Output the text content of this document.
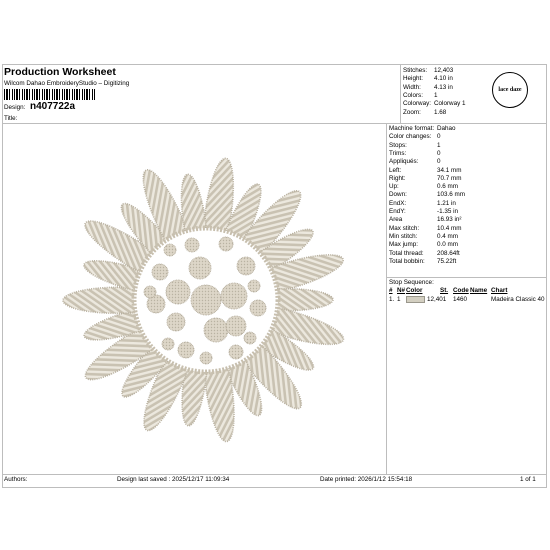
Production Worksheet
Wilcom Dahao EmbroideryStudio – Digitizing
Design: n407722a
Title:
Stitches: 12,403
Height: 4.10 in
Width: 4.13 in
Colors: 1
Colorway: Colorway 1
Zoom: 1.68
lace daze
Machine format: Dahao
Color changes: 0
Stops:	1
Trims:	0
Appliqués:	0
Left:	34.1 mm
Right:	70.7 mm
Up:	0.6 mm
Down:	103.6 mm
EndX:	1.21 in
EndY:	-1.35 in
Area	16.93 in²
Max stitch:	10.4 mm
Min stitch:	0.4 mm
Max jump:	0.0 mm
Total thread: 208.64ft
Total bobbin: 75.22ft
Stop Sequence:
# N# Color	St. Code Name Chart
1. 1	12,401 1460	Madeira Classic 40
Authors:	Design last saved : 2025/12/17 11:09:34	Date printed: 2026/1/12 15:54:18	1 of 1
